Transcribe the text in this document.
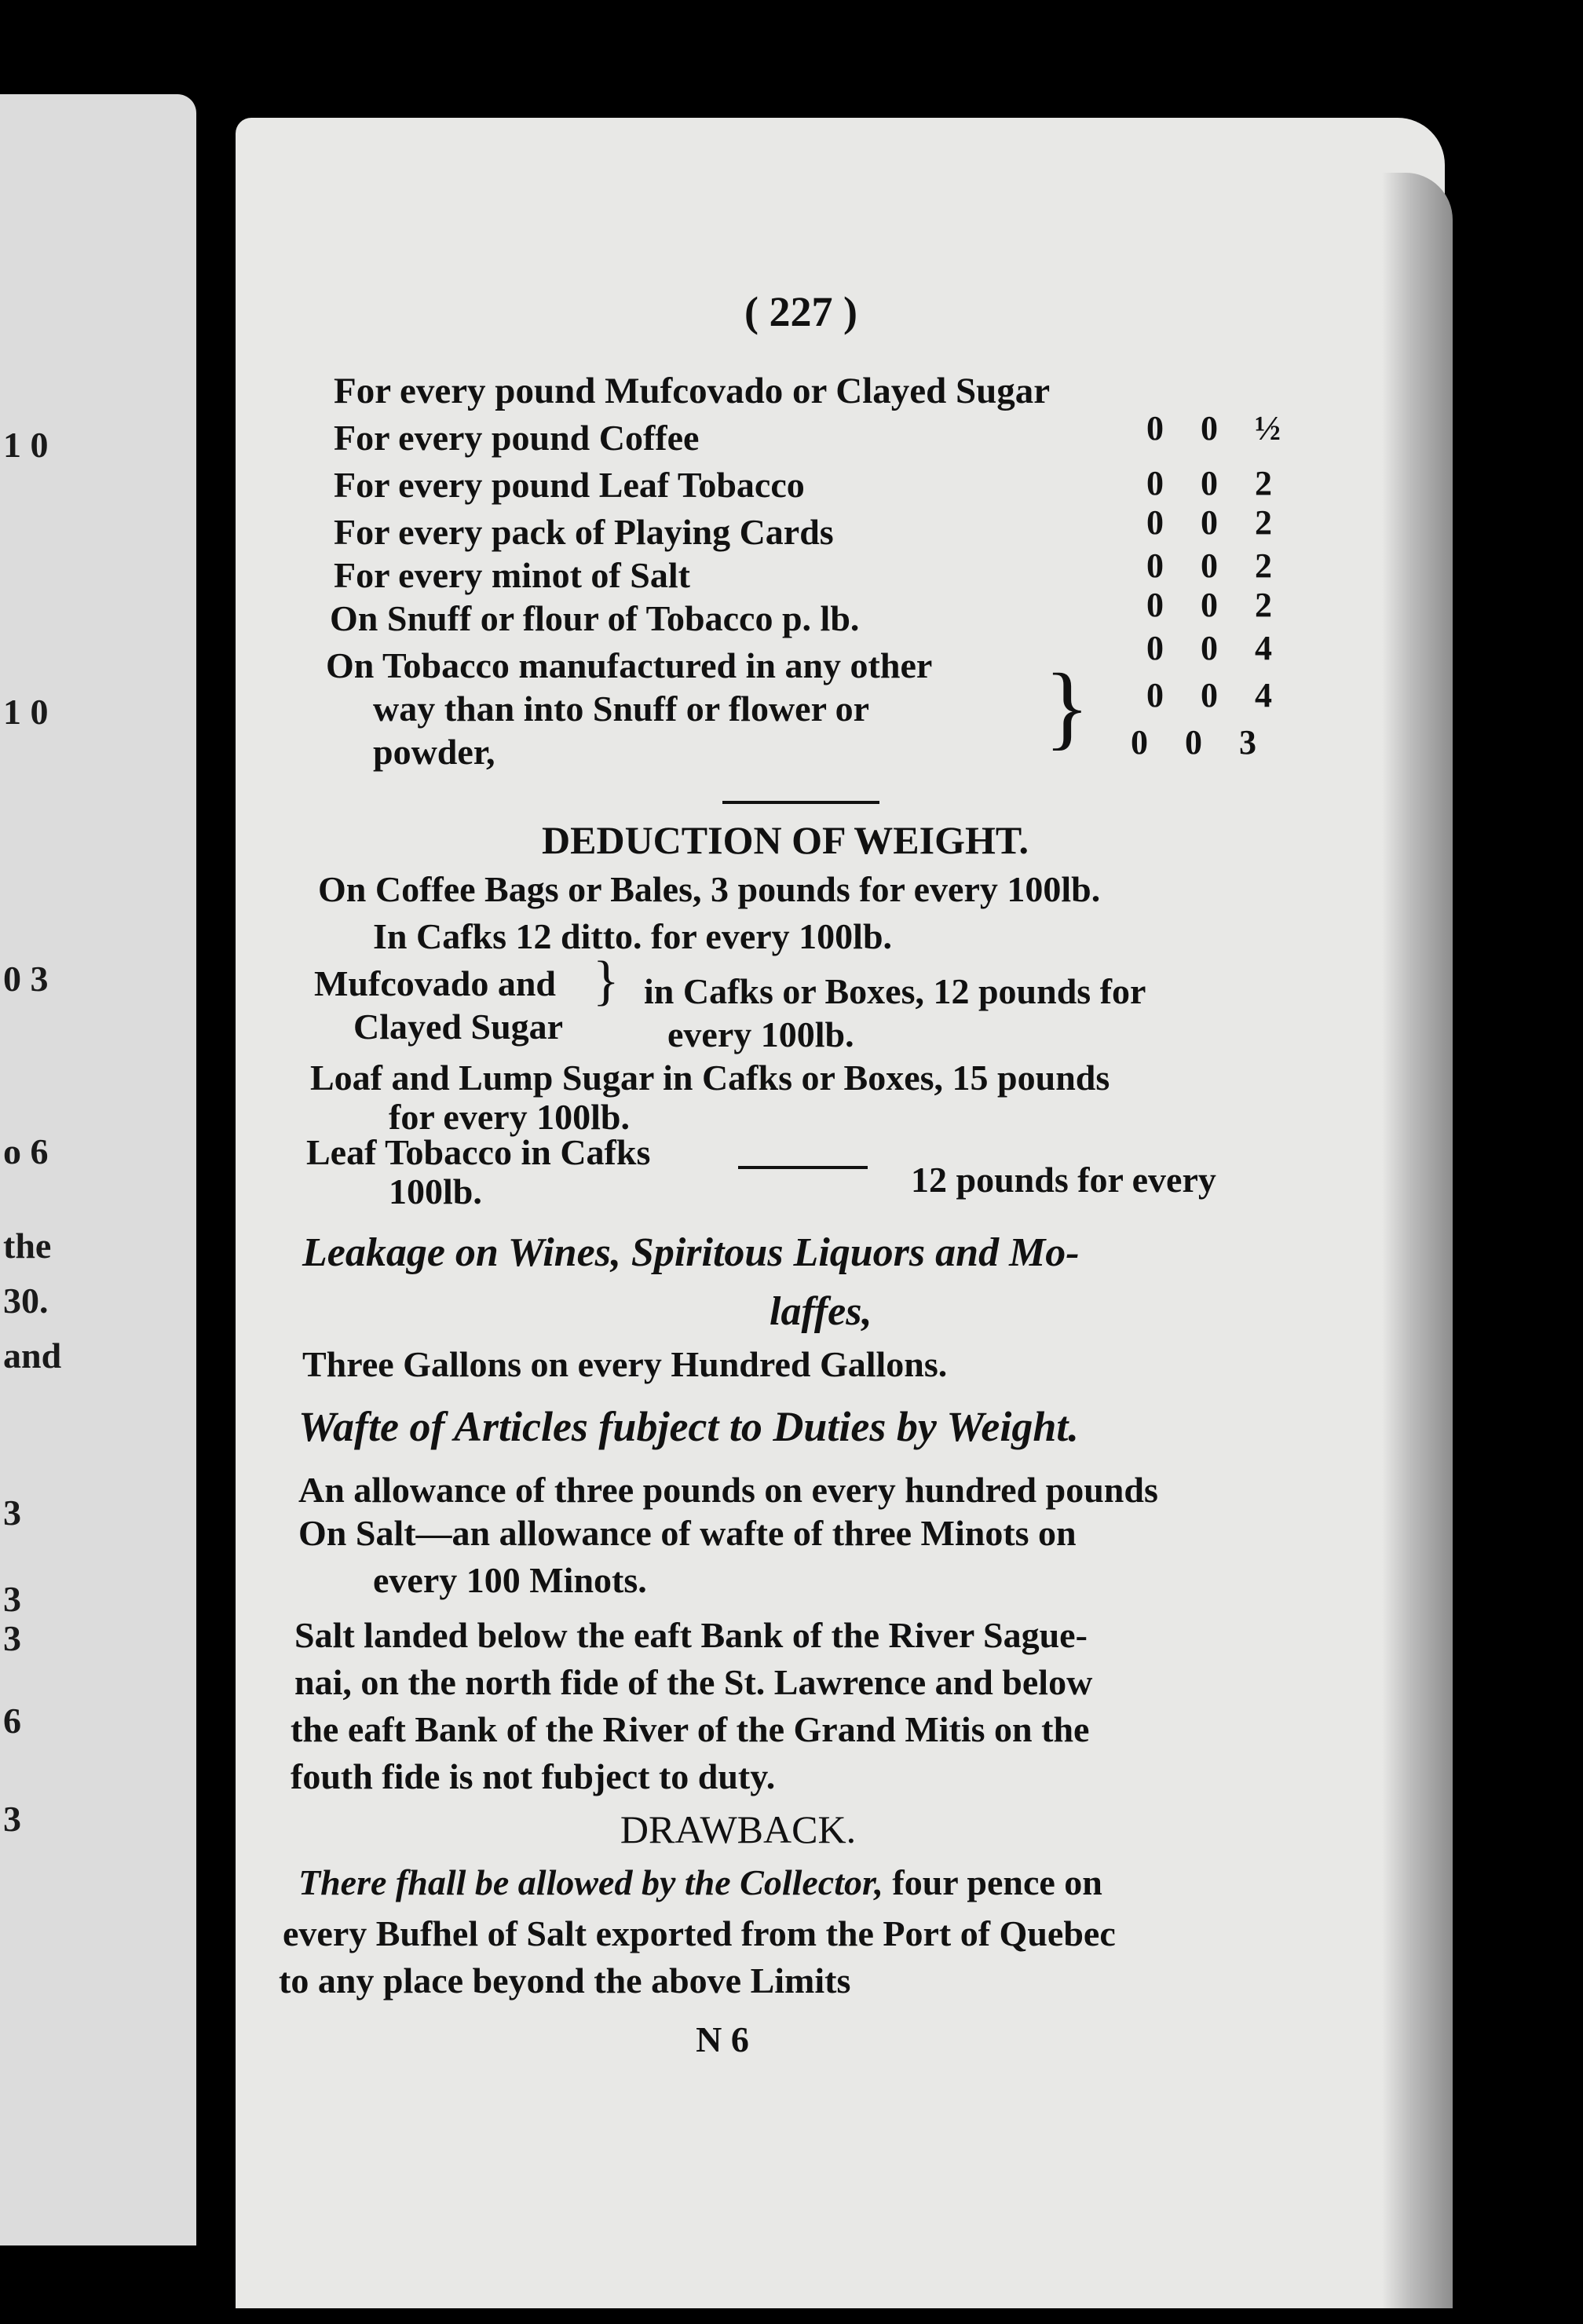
1 0
1 0
0 3
o 6
the
30.
and
3
3
3
6
3
( 227 )
For every pound Mufcovado or Clayed Sugar
0 0 ½
For every pound Coffee
0 0 2
For every pound Leaf Tobacco
0 0 2
For every pack of Playing Cards
0 0 2
For every minot of Salt
0 0 2
On Snuff or flour of Tobacco p. lb.
0 0 4
On Tobacco manufactured in any other
0 0 4
way than into Snuff or flower or
powder,	} 0 0 3
DEDUCTION OF WEIGHT.
On Coffee Bags or Bales, 3 pounds for every 100lb.
In Cafks 12 ditto. for every 100lb.
Mufcovado and
Clayed Sugar
} in Cafks or Boxes, 12 pounds for
every 100lb.
Loaf and Lump Sugar in Cafks or Boxes, 15 pounds
for every 100lb.
Leaf Tobacco in Cafks
12 pounds for every
100lb.
Leakage on Wines, Spiritous Liquors and Mo-
laffes,
Three Gallons on every Hundred Gallons.
Wafte of Articles fubject to Duties by Weight.
An allowance of three pounds on every hundred pounds
On Salt—an allowance of wafte of three Minots on
every 100 Minots.
Salt landed below the eaft Bank of the River Sague-
nai, on the north fide of the St. Lawrence and below
the eaft Bank of the River of the Grand Mitis on the
fouth fide is not fubject to duty.
DRAWBACK.
There fhall be allowed by the Collector, four pence on
every Bufhel of Salt exported from the Port of Quebec
to any place beyond the above Limits
N 6
